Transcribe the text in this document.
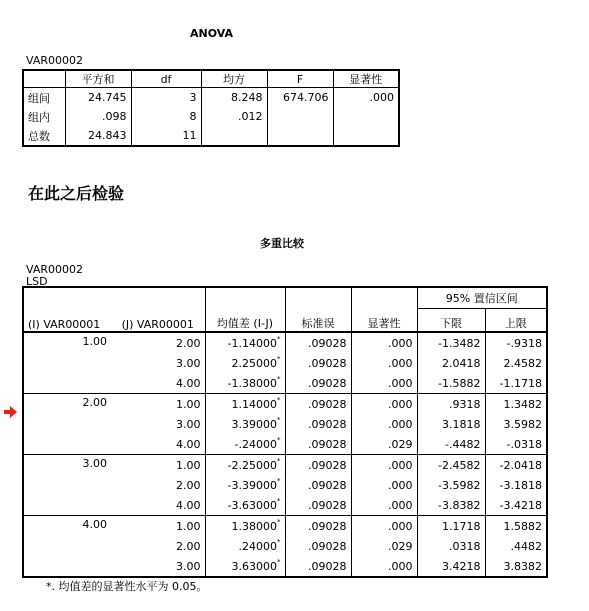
ANOVA
VAR00002
	平方和	df	均方	F	显著性
组间	24.745	3	8.248	674.706	.000
组内	.098	8	.012		
总数	24.843	11			
在此之后检验
多重比较
VAR00002
LSD
(I) VAR00001	(J) VAR00001	均值差 (I-J)	标准误	显著性	95% 置信区间	
					下限	上限
1.00	2.00	-1.14000*	.09028	.000	-1.3482	-.9318
	3.00	2.25000*	.09028	.000	2.0418	2.4582
	4.00	-1.38000*	.09028	.000	-1.5882	-1.1718
2.00	1.00	1.14000*	.09028	.000	.9318	1.3482
	3.00	3.39000*	.09028	.000	3.1818	3.5982
	4.00	-.24000*	.09028	.029	-.4482	-.0318
3.00	1.00	-2.25000*	.09028	.000	-2.4582	-2.0418
	2.00	-3.39000*	.09028	.000	-3.5982	-3.1818
	4.00	-3.63000*	.09028	.000	-3.8382	-3.4218
4.00	1.00	1.38000*	.09028	.000	1.1718	1.5882
	2.00	.24000*	.09028	.029	.0318	.4482
	3.00	3.63000*	.09028	.000	3.4218	3.8382
*. 均值差的显著性水平为 0.05。
